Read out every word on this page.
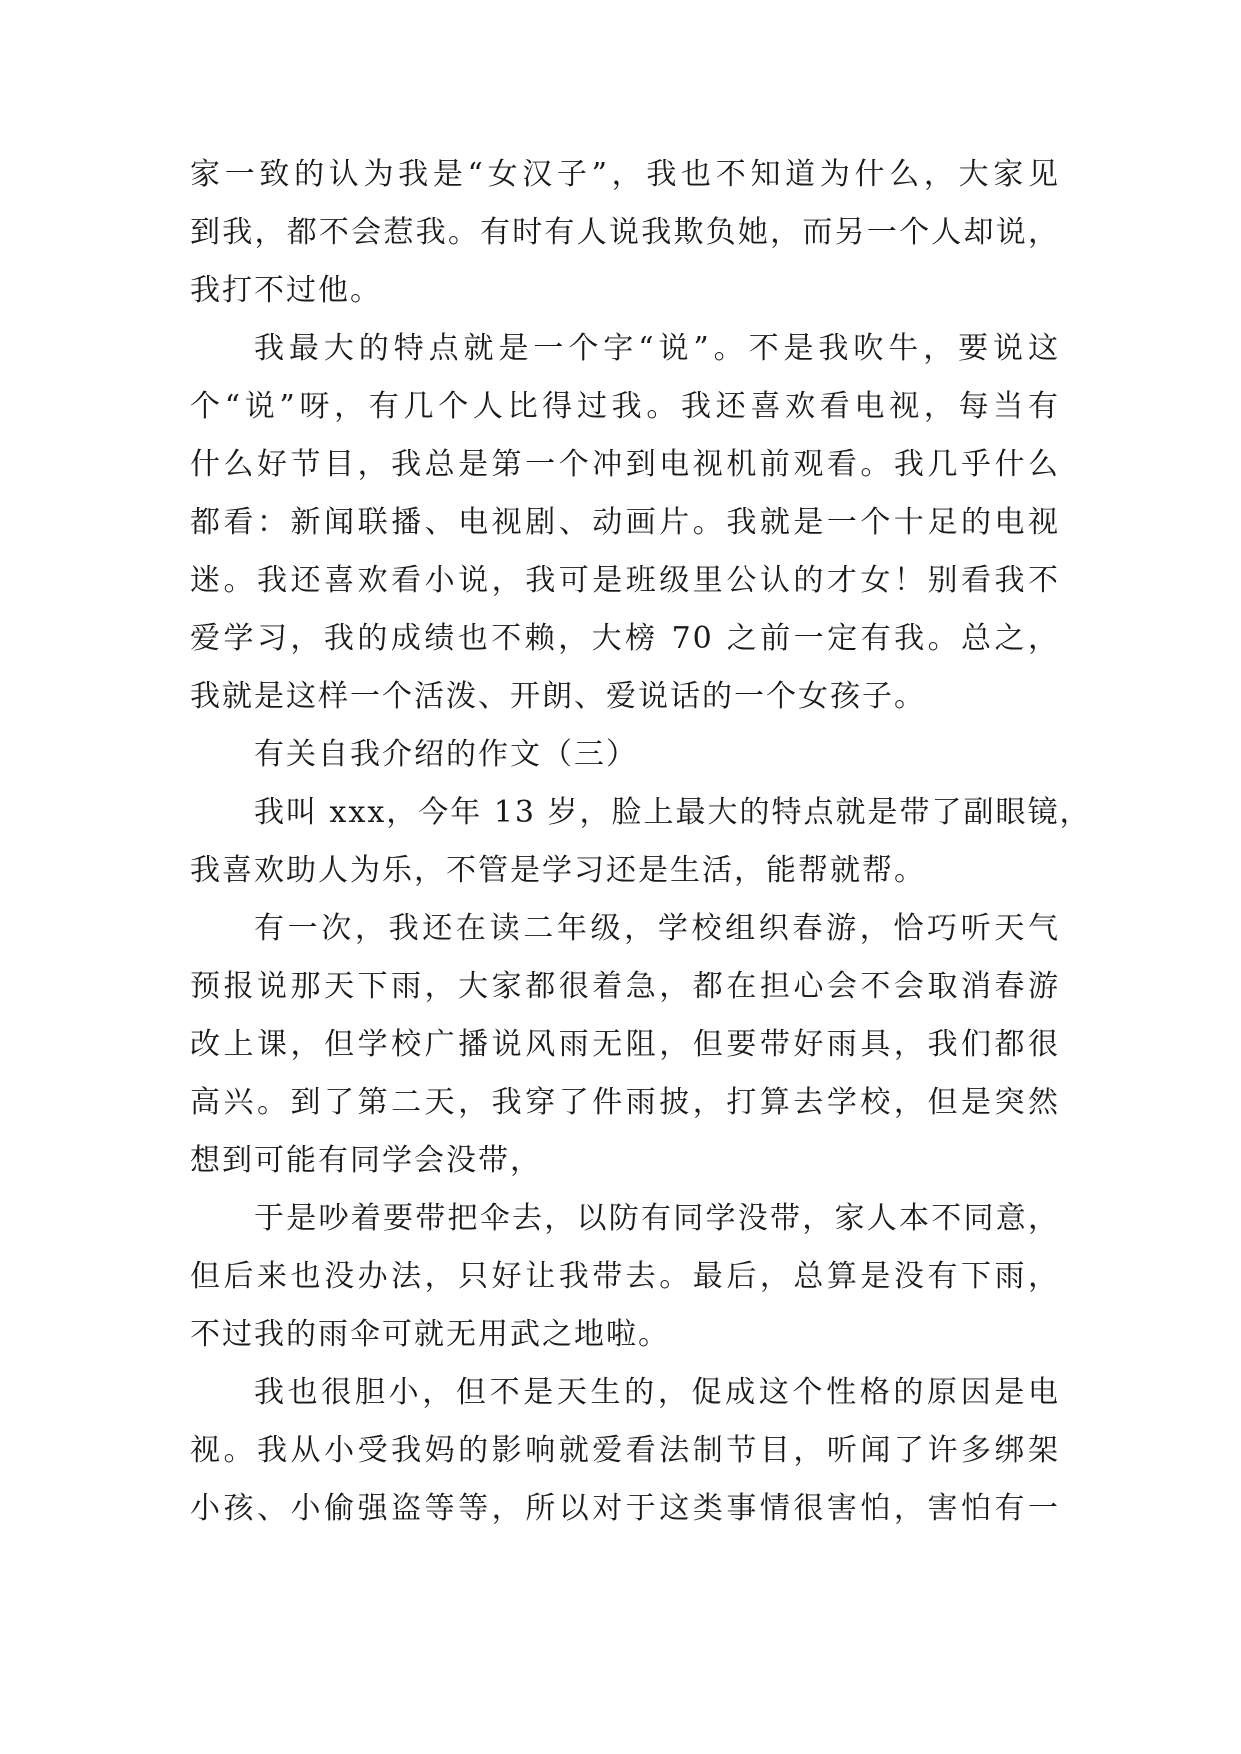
家一致的认为我是“女汉子”，我也不知道为什么，大家见
到我，都不会惹我。有时有人说我欺负她，而另一个人却说，
我打不过他。
我最大的特点就是一个字“说”。不是我吹牛，要说这
个“说”呀，有几个人比得过我。我还喜欢看电视，每当有
什么好节目，我总是第一个冲到电视机前观看。我几乎什么
都看：新闻联播、电视剧、动画片。我就是一个十足的电视
迷。我还喜欢看小说，我可是班级里公认的才女！别看我不
爱学习，我的成绩也不赖，大榜 70 之前一定有我。总之，
我就是这样一个活泼、开朗、爱说话的一个女孩子。
有关自我介绍的作文（三）
我叫 xxx，今年 13 岁，脸上最大的特点就是带了副眼镜，
我喜欢助人为乐，不管是学习还是生活，能帮就帮。
有一次，我还在读二年级，学校组织春游，恰巧听天气
预报说那天下雨，大家都很着急，都在担心会不会取消春游
改上课，但学校广播说风雨无阻，但要带好雨具，我们都很
高兴。到了第二天，我穿了件雨披，打算去学校，但是突然
想到可能有同学会没带，
于是吵着要带把伞去，以防有同学没带，家人本不同意，
但后来也没办法，只好让我带去。最后，总算是没有下雨，
不过我的雨伞可就无用武之地啦。
我也很胆小，但不是天生的，促成这个性格的原因是电
视。我从小受我妈的影响就爱看法制节目，听闻了许多绑架
小孩、小偷强盗等等，所以对于这类事情很害怕，害怕有一
